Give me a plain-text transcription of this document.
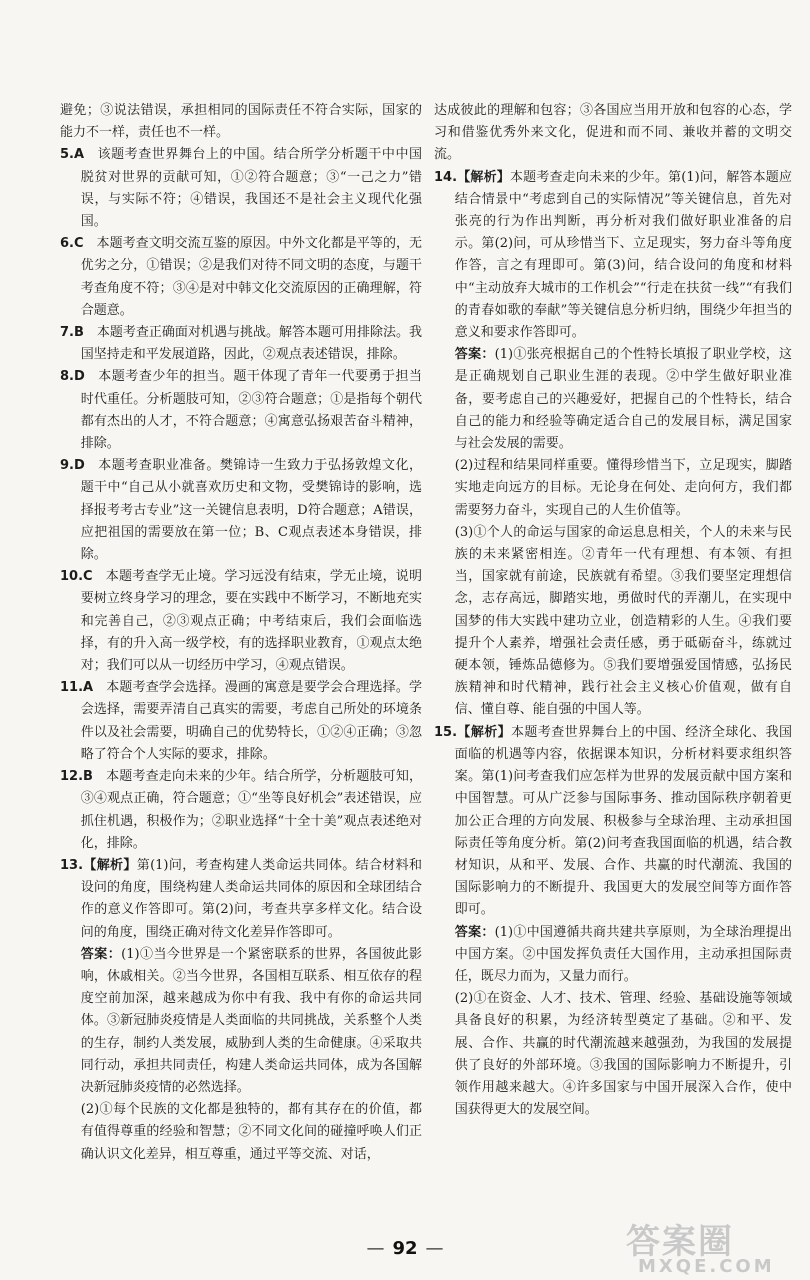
避免；③说法错误，承担相同的国际责任不符合实际，国家的能力不一样，责任也不一样。

5.A  该题考查世界舞台上的中国。结合所学分析题干中中国脱贫对世界的贡献可知，①②符合题意；③“一己之力”错误，与实际不符；④错误，我国还不是社会主义现代化强国。

6.C  本题考查文明交流互鉴的原因。中外文化都是平等的，无优劣之分，①错误；②是我们对待不同文明的态度，与题干考查角度不符；③④是对中韩文化交流原因的正确理解，符合题意。

7.B  本题考查正确面对机遇与挑战。解答本题可用排除法。我国坚持走和平发展道路，因此，②观点表述错误，排除。

8.D  本题考查少年的担当。题干体现了青年一代要勇于担当时代重任。分析题肢可知，②③符合题意；①是指每个朝代都有杰出的人才，不符合题意；④寓意弘扬艰苦奋斗精神，排除。

9.D  本题考查职业准备。樊锦诗一生致力于弘扬敦煌文化，题干中“自己从小就喜欢历史和文物，受樊锦诗的影响，选择报考考古专业”这一关键信息表明，D符合题意；A错误，应把祖国的需要放在第一位；B、C观点表述本身错误，排除。

10.C  本题考查学无止境。学习远没有结束，学无止境，说明要树立终身学习的理念，要在实践中不断学习，不断地充实和完善自己，②③观点正确；中考结束后，我们会面临选择，有的升入高一级学校，有的选择职业教育，①观点太绝对；我们可以从一切经历中学习，④观点错误。

11.A  本题考查学会选择。漫画的寓意是要学会合理选择。学会选择，需要弄清自己真实的需要，考虑自己所处的环境条件以及社会需要，明确自己的优势特长，①②④正确；③忽略了符合个人实际的要求，排除。

12.B  本题考查走向未来的少年。结合所学，分析题肢可知，③④观点正确，符合题意；①“坐等良好机会”表述错误，应抓住机遇，积极作为；②职业选择“十全十美”观点表述绝对化，排除。

13.【解析】第(1)问，考查构建人类命运共同体。结合材料和设问的角度，围绕构建人类命运共同体的原因和全球团结合作的意义作答即可。第(2)问，考查共享多样文化。结合设问的角度，围绕正确对待文化差异作答即可。

答案：(1)①当今世界是一个紧密联系的世界，各国彼此影响，休戚相关。②当今世界，各国相互联系、相互依存的程度空前加深，越来越成为你中有我、我中有你的命运共同体。③新冠肺炎疫情是人类面临的共同挑战，关系整个人类的生存，制约人类发展，威胁到人类的生命健康。④采取共同行动，承担共同责任，构建人类命运共同体，成为各国解决新冠肺炎疫情的必然选择。

(2)①每个民族的文化都是独特的，都有其存在的价值，都有值得尊重的经验和智慧；②不同文化间的碰撞呼唤人们正确认识文化差异，相互尊重，通过平等交流、对话，

达成彼此的理解和包容；③各国应当用开放和包容的心态，学习和借鉴优秀外来文化，促进和而不同、兼收并蓄的文明交流。

14.【解析】本题考查走向未来的少年。第(1)问，解答本题应结合情景中“考虑到自己的实际情况”等关键信息，首先对张亮的行为作出判断，再分析对我们做好职业准备的启示。第(2)问，可从珍惜当下、立足现实，努力奋斗等角度作答，言之有理即可。第(3)问，结合设问的角度和材料中“主动放弃大城市的工作机会”“行走在扶贫一线”“有我们的青春如歌的奉献”等关键信息分析归纳，围绕少年担当的意义和要求作答即可。

答案：(1)①张亮根据自己的个性特长填报了职业学校，这是正确规划自己职业生涯的表现。②中学生做好职业准备，要考虑自己的兴趣爱好，把握自己的个性特长，结合自己的能力和经验等确定适合自己的发展目标，满足国家与社会发展的需要。

(2)过程和结果同样重要。懂得珍惜当下，立足现实，脚踏实地走向远方的目标。无论身在何处、走向何方，我们都需要努力奋斗，实现自己的人生价值等。

(3)①个人的命运与国家的命运息息相关，个人的未来与民族的未来紧密相连。②青年一代有理想、有本领、有担当，国家就有前途，民族就有希望。③我们要坚定理想信念，志存高远，脚踏实地，勇做时代的弄潮儿，在实现中国梦的伟大实践中建功立业，创造精彩的人生。④我们要提升个人素养，增强社会责任感，勇于砥砺奋斗，练就过硬本领，锤炼品德修为。⑤我们要增强爱国情感，弘扬民族精神和时代精神，践行社会主义核心价值观，做有自信、懂自尊、能自强的中国人等。

15.【解析】本题考查世界舞台上的中国、经济全球化、我国面临的机遇等内容，依据课本知识，分析材料要求组织答案。第(1)问考查我们应怎样为世界的发展贡献中国方案和中国智慧。可从广泛参与国际事务、推动国际秩序朝着更加公正合理的方向发展、积极参与全球治理、主动承担国际责任等角度分析。第(2)问考查我国面临的机遇，结合教材知识，从和平、发展、合作、共赢的时代潮流、我国的国际影响力的不断提升、我国更大的发展空间等方面作答即可。

答案：(1)①中国遵循共商共建共享原则，为全球治理提出中国方案。②中国发挥负责任大国作用，主动承担国际责任，既尽力而为，又量力而行。

(2)①在资金、人才、技术、管理、经验、基础设施等领域具备良好的积累，为经济转型奠定了基础。②和平、发展、合作、共赢的时代潮流越来越强劲，为我国的发展提供了良好的外部环境。③我国的国际影响力不断提升，引领作用越来越大。④许多国家与中国开展深入合作，使中国获得更大的发展空间。

— 92 —	答案圈
MXQE.COM
